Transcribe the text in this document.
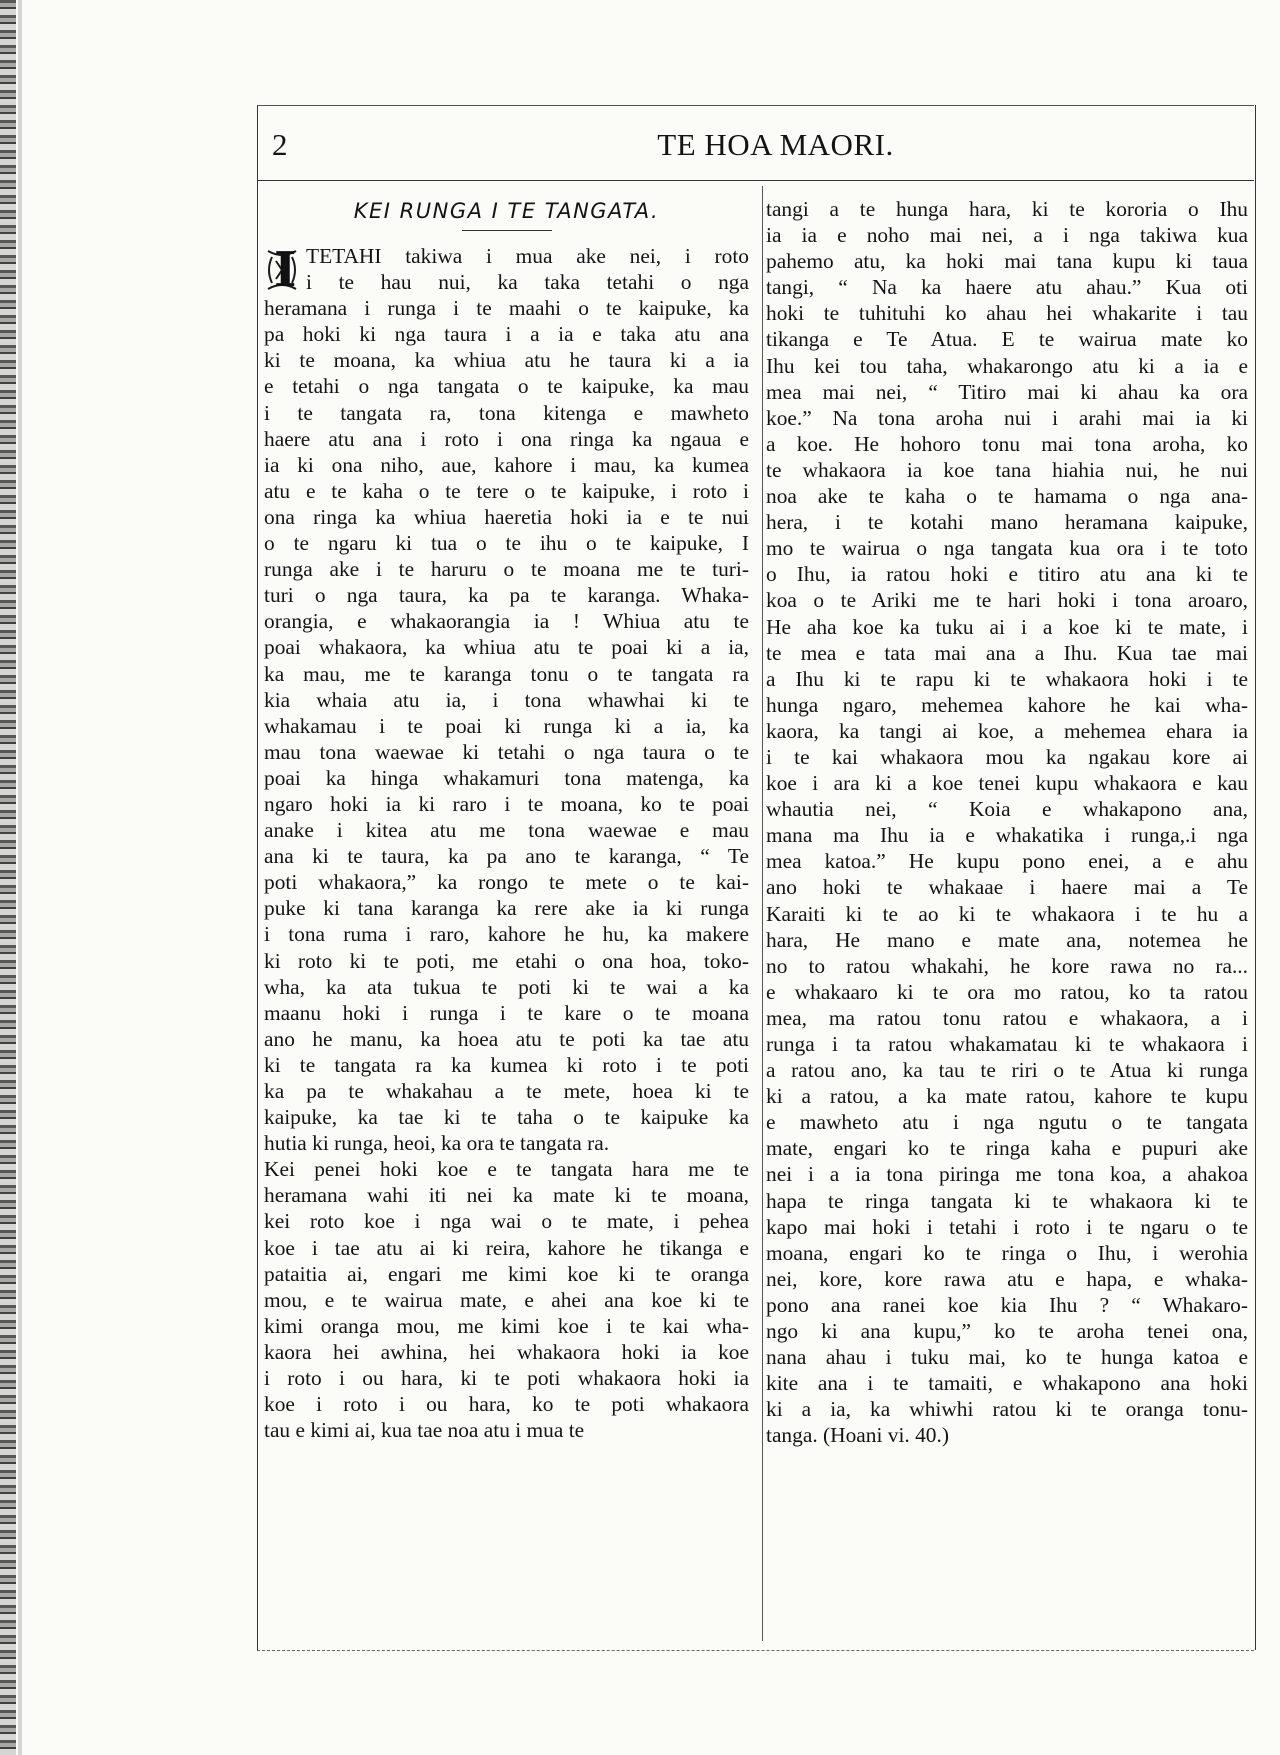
2	TE HOA MAORI.
KEI RUNGA I TE TANGATA.
I TETAHI takiwa i mua ake nei, i roto
i te hau nui, ka taka tetahi o nga
heramana i runga i te maahi o te kaipuke, ka
pa hoki ki nga taura i a ia e taka atu ana
ki te moana, ka whiua atu he taura ki a ia
e tetahi o nga tangata o te kaipuke, ka mau
i te tangata ra, tona kitenga e mawheto
haere atu ana i roto i ona ringa ka ngaua e
ia ki ona niho, aue, kahore i mau, ka kumea
atu e te kaha o te tere o te kaipuke, i roto i
ona ringa ka whiua haeretia hoki ia e te nui
o te ngaru ki tua o te ihu o te kaipuke, I
runga ake i te haruru o te moana me te turi-
turi o nga taura, ka pa te karanga. Whaka-
orangia, e whakaorangia ia ! Whiua atu te
poai whakaora, ka whiua atu te poai ki a ia,
ka mau, me te karanga tonu o te tangata ra
kia whaia atu ia, i tona whawhai ki te
whakamau i te poai ki runga ki a ia, ka
mau tona waewae ki tetahi o nga taura o te
poai ka hinga whakamuri tona matenga, ka
ngaro hoki ia ki raro i te moana, ko te poai
anake i kitea atu me tona waewae e mau
ana ki te taura, ka pa ano te karanga, “ Te
poti whakaora,” ka rongo te mete o te kai-
puke ki tana karanga ka rere ake ia ki runga
i tona ruma i raro, kahore he hu, ka makere
ki roto ki te poti, me etahi o ona hoa, toko-
wha, ka ata tukua te poti ki te wai a ka
maanu hoki i runga i te kare o te moana
ano he manu, ka hoea atu te poti ka tae atu
ki te tangata ra ka kumea ki roto i te poti
ka pa te whakahau a te mete, hoea ki te
kaipuke, ka tae ki te taha o te kaipuke ka
hutia ki runga, heoi, ka ora te tangata ra.
Kei penei hoki koe e te tangata hara me te
heramana wahi iti nei ka mate ki te moana,
kei roto koe i nga wai o te mate, i pehea
koe i tae atu ai ki reira, kahore he tikanga e
pataitia ai, engari me kimi koe ki te oranga
mou, e te wairua mate, e ahei ana koe ki te
kimi oranga mou, me kimi koe i te kai wha-
kaora hei awhina, hei whakaora hoki ia koe
i roto i ou hara, ki te poti whakaora hoki ia
koe i roto i ou hara, ko te poti whakaora
tau e kimi ai, kua tae noa atu i mua te
tangi a te hunga hara, ki te kororia o Ihu
ia ia e noho mai nei, a i nga takiwa kua
pahemo atu, ka hoki mai tana kupu ki taua
tangi, “ Na ka haere atu ahau.” Kua oti
hoki te tuhituhi ko ahau hei whakarite i tau
tikanga e Te Atua. E te wairua mate ko
Ihu kei tou taha, whakarongo atu ki a ia e
mea mai nei, “ Titiro mai ki ahau ka ora
koe.” Na tona aroha nui i arahi mai ia ki
a koe. He hohoro tonu mai tona aroha, ko
te whakaora ia koe tana hiahia nui, he nui
noa ake te kaha o te hamama o nga ana-
hera, i te kotahi mano heramana kaipuke,
mo te wairua o nga tangata kua ora i te toto
o Ihu, ia ratou hoki e titiro atu ana ki te
koa o te Ariki me te hari hoki i tona aroaro,
He aha koe ka tuku ai i a koe ki te mate, i
te mea e tata mai ana a Ihu. Kua tae mai
a Ihu ki te rapu ki te whakaora hoki i te
hunga ngaro, mehemea kahore he kai wha-
kaora, ka tangi ai koe, a mehemea ehara ia
i te kai whakaora mou ka ngakau kore ai
koe i ara ki a koe tenei kupu whakaora e kau
whautia nei, “ Koia e whakapono ana,
mana ma Ihu ia e whakatika i runga,.i nga
mea katoa.” He kupu pono enei, a e ahu
ano hoki te whakaae i haere mai a Te
Karaiti ki te ao ki te whakaora i te hu a
hara, He mano e mate ana, notemea he
no to ratou whakahi, he kore rawa no ra...
e whakaaro ki te ora mo ratou, ko ta ratou
mea, ma ratou tonu ratou e whakaora, a i
runga i ta ratou whakamatau ki te whakaora i
a ratou ano, ka tau te riri o te Atua ki runga
ki a ratou, a ka mate ratou, kahore te kupu
e mawheto atu i nga ngutu o te tangata
mate, engari ko te ringa kaha e pupuri ake
nei i a ia tona piringa me tona koa, a ahakoa
hapa te ringa tangata ki te whakaora ki te
kapo mai hoki i tetahi i roto i te ngaru o te
moana, engari ko te ringa o Ihu, i werohia
nei, kore, kore rawa atu e hapa, e whaka-
pono ana ranei koe kia Ihu ? “ Whakaro-
ngo ki ana kupu,” ko te aroha tenei ona,
nana ahau i tuku mai, ko te hunga katoa e
kite ana i te tamaiti, e whakapono ana hoki
ki a ia, ka whiwhi ratou ki te oranga tonu-
tanga. (Hoani vi. 40.)
